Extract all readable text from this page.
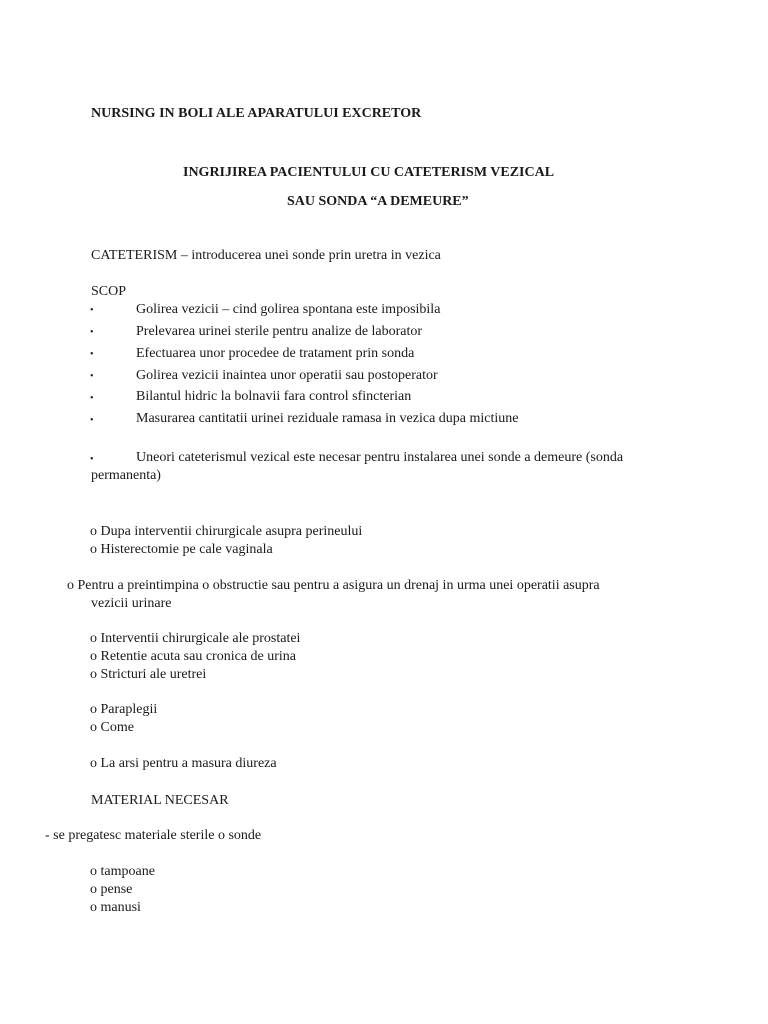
NURSING IN BOLI ALE APARATULUI EXCRETOR
INGRIJIREA PACIENTULUI CU CATETERISM VEZICAL
SAU SONDA “A DEMEURE”
CATETERISM – introducerea unei sonde prin uretra in vezica
SCOP
•	Golirea vezicii – cind golirea spontana este imposibila
•	Prelevarea urinei sterile pentru analize de laborator
•	Efectuarea unor procedee de tratament prin sonda
•	Golirea vezicii inaintea unor operatii sau postoperator
•	Bilantul hidric la bolnavii fara control sfincterian
•	Masurarea cantitatii urinei reziduale ramasa in vezica dupa mictiune
•	Uneori cateterismul vezical este necesar pentru instalarea unei sonde a demeure (sonda
permanenta)
o Dupa interventii chirurgicale asupra perineului
o Histerectomie pe cale vaginala
o Pentru a preintimpina o obstructie sau pentru a asigura un drenaj in urma unei operatii asupra
vezicii urinare
o Interventii chirurgicale ale prostatei
o Retentie acuta sau cronica de urina
o Stricturi ale uretrei
o Paraplegii
o Come
o La arsi pentru a masura diureza
MATERIAL NECESAR
- se pregatesc materiale sterile o sonde
o tampoane
o pense
o manusi
